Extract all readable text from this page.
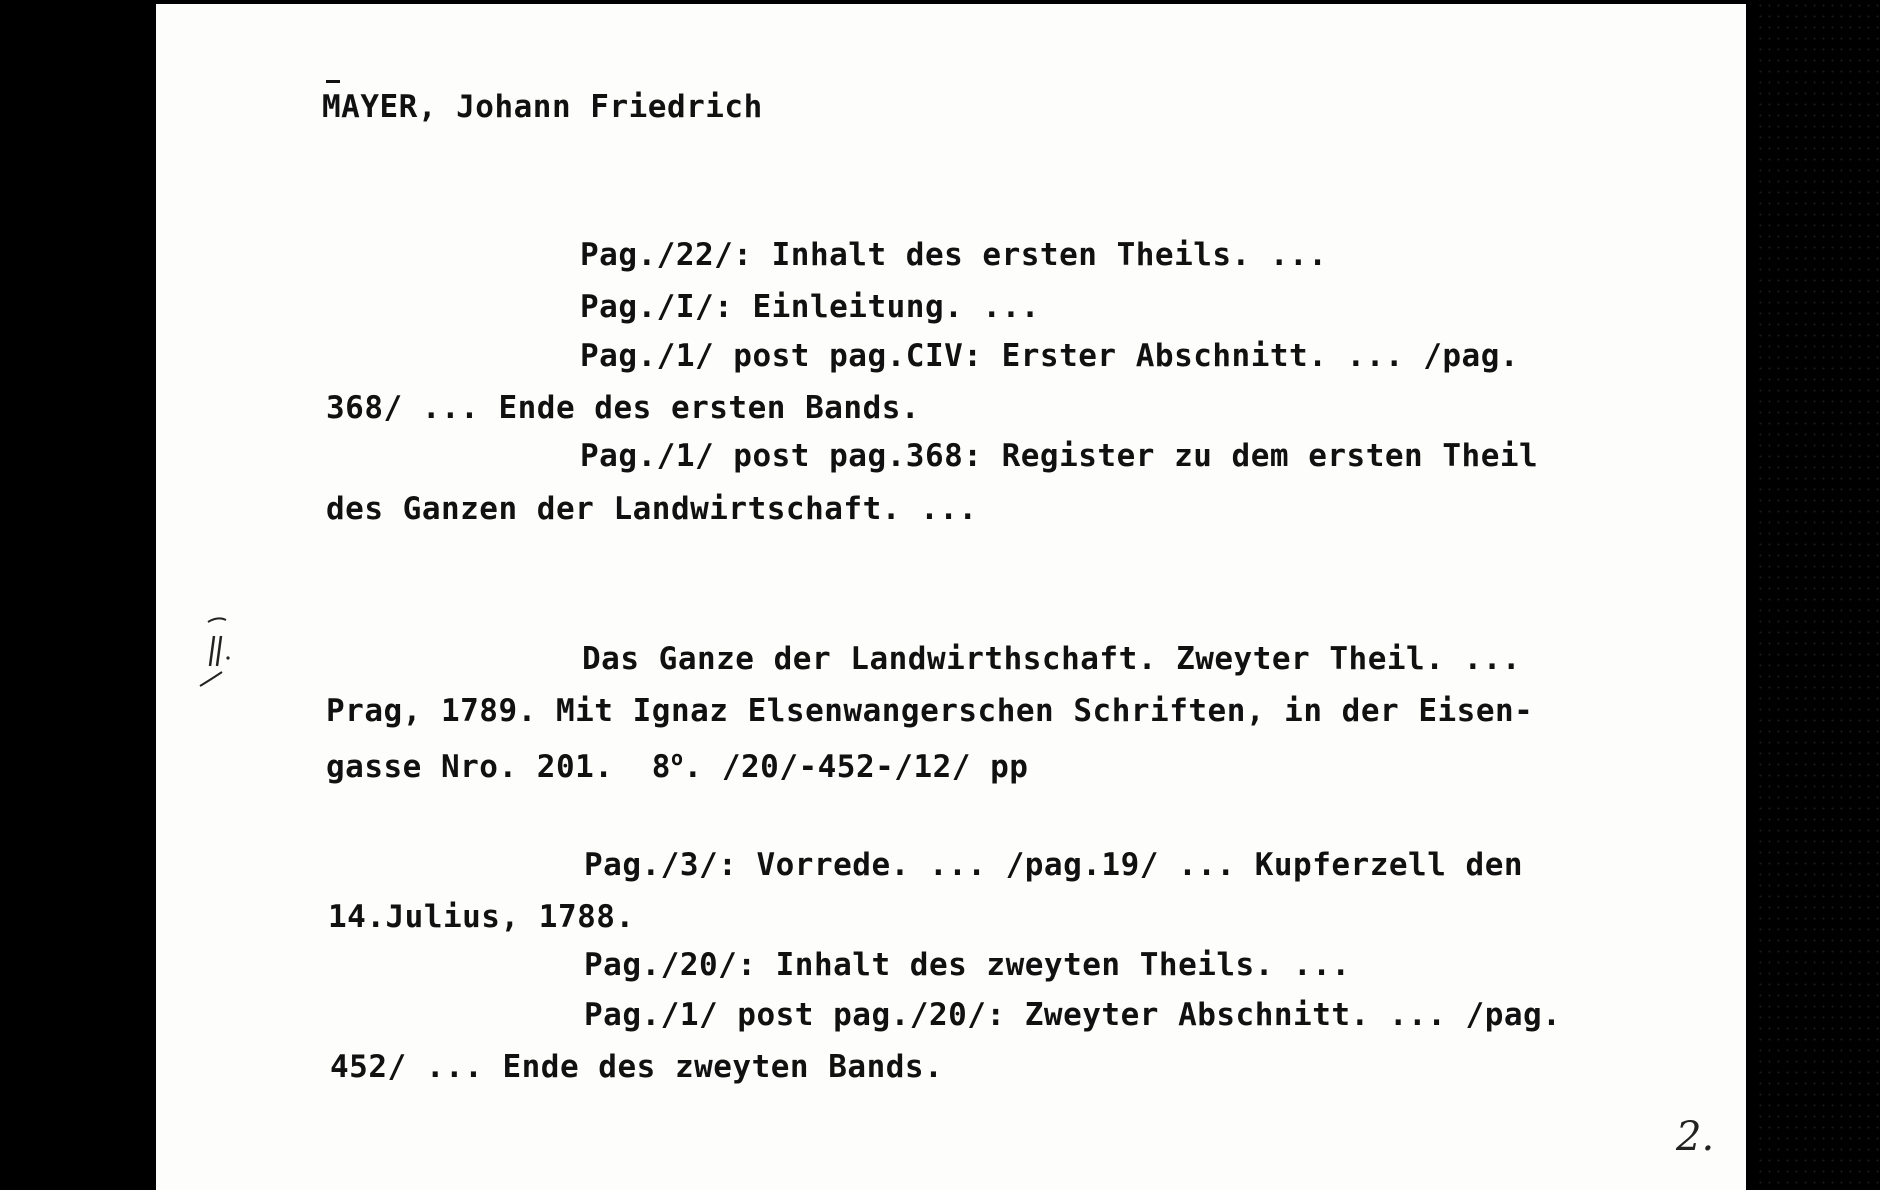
MAYER, Johann Friedrich
Pag./22/: Inhalt des ersten Theils. ...
Pag./I/: Einleitung. ...
Pag./1/ post pag.CIV: Erster Abschnitt. ... /pag.
368/ ... Ende des ersten Bands.
Pag./1/ post pag.368: Register zu dem ersten Theil
des Ganzen der Landwirtschaft. ...
Das Ganze der Landwirthschaft. Zweyter Theil. ...
Prag, 1789. Mit Ignaz Elsenwangerschen Schriften, in der Eisen-
gasse Nro. 201.  8$^o$. /20/-452-/12/ pp
Pag./3/: Vorrede. ... /pag.19/ ... Kupferzell den
14.Julius, 1788.
Pag./20/: Inhalt des zweyten Theils. ...
Pag./1/ post pag./20/: Zweyter Abschnitt. ... /pag.
452/ ... Ende des zweyten Bands.
2.
